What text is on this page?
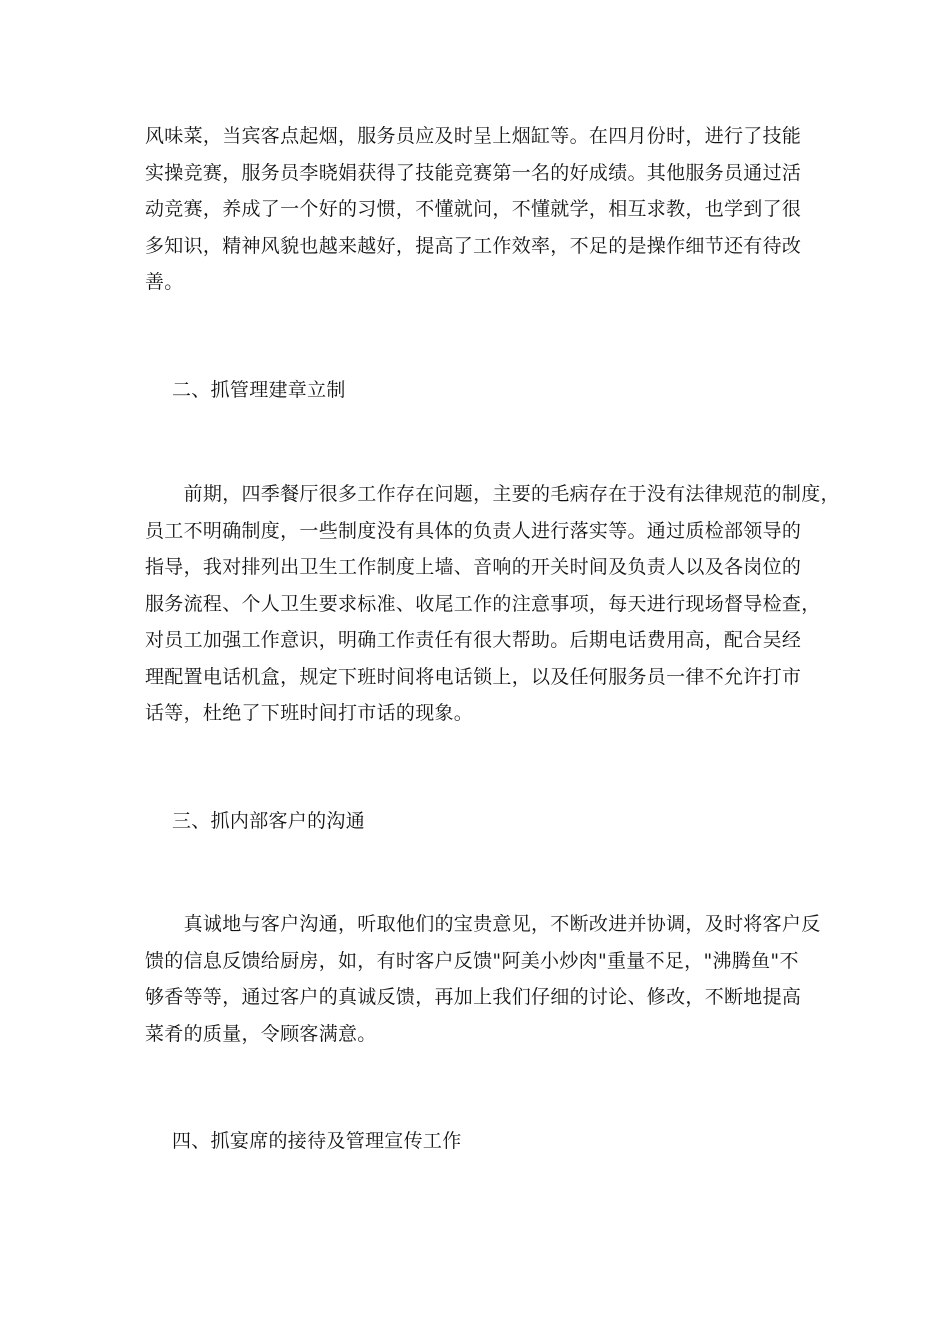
风味菜，当宾客点起烟，服务员应及时呈上烟缸等。在四月份时，进行了技能
实操竞赛，服务员李晓娟获得了技能竞赛第一名的好成绩。其他服务员通过活
动竞赛，养成了一个好的习惯，不懂就问，不懂就学，相互求教，也学到了很
多知识，精神风貌也越来越好，提高了工作效率，不足的是操作细节还有待改
善。
二、抓管理建章立制
　　前期，四季餐厅很多工作存在问题，主要的毛病存在于没有法律规范的制度，
员工不明确制度，一些制度没有具体的负责人进行落实等。通过质检部领导的
指导，我对排列出卫生工作制度上墙、音响的开关时间及负责人以及各岗位的
服务流程、个人卫生要求标准、收尾工作的注意事项，每天进行现场督导检查，
对员工加强工作意识，明确工作责任有很大帮助。后期电话费用高，配合吴经
理配置电话机盒，规定下班时间将电话锁上，以及任何服务员一律不允许打市
话等，杜绝了下班时间打市话的现象。
三、抓内部客户的沟通
　　真诚地与客户沟通，听取他们的宝贵意见，不断改进并协调，及时将客户反
馈的信息反馈给厨房，如，有时客户反馈"阿美小炒肉"重量不足，"沸腾鱼"不
够香等等，通过客户的真诚反馈，再加上我们仔细的讨论、修改，不断地提高
菜肴的质量，令顾客满意。
四、抓宴席的接待及管理宣传工作
